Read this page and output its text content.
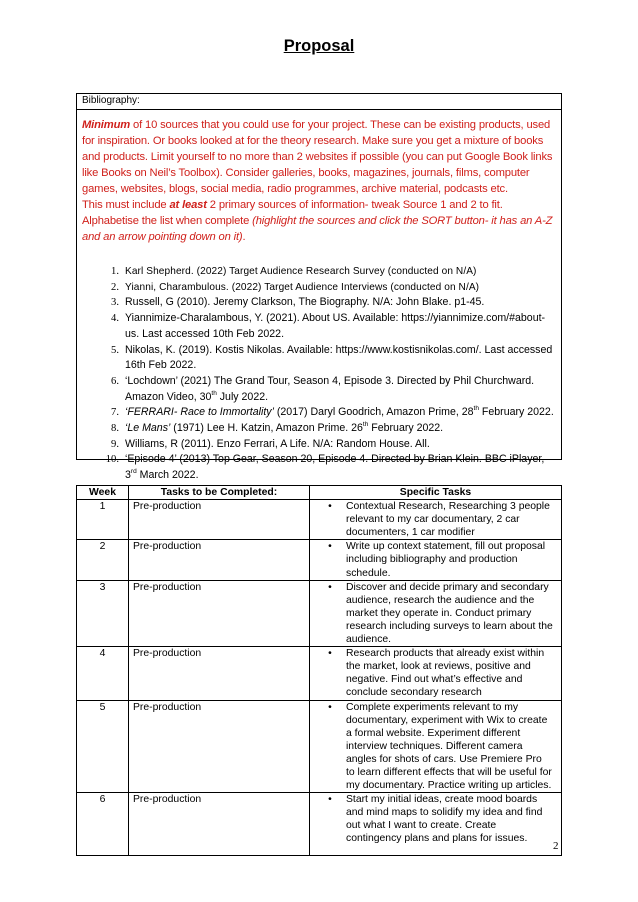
Proposal
Bibliography:
Minimum of 10 sources that you could use for your project. These can be existing products, used for inspiration. Or books looked at for the theory research. Make sure you get a mixture of books and products. Limit yourself to no more than 2 websites if possible (you can put Google Book links like Books on Neil’s Toolbox). Consider galleries, books, magazines, journals, films, computer games, websites, blogs, social media, radio programmes, archive material, podcasts etc.
This must include at least 2 primary sources of information- tweak Source 1 and 2 to fit.
Alphabetise the list when complete (highlight the sources and click the SORT button- it has an A-Z and an arrow pointing down on it).
1. Karl Shepherd. (2022) Target Audience Research Survey (conducted on N/A)
2. Yianni, Charambulous. (2022) Target Audience Interviews (conducted on N/A)
3. Russell, G (2010). Jeremy Clarkson, The Biography. N/A: John Blake. p1-45.
4. Yiannimize-Charalambous, Y. (2021). About US. Available: https://yiannimize.com/#about-us. Last accessed 10th Feb 2022.
5. Nikolas, K. (2019). Kostis Nikolas. Available: https://www.kostisnikolas.com/. Last accessed 16th Feb 2022.
6. ‘Lochdown’ (2021) The Grand Tour, Season 4, Episode 3. Directed by Phil Churchward. Amazon Video, 30th July 2022.
7. ‘FERRARI- Race to Immortality’ (2017) Daryl Goodrich, Amazon Prime, 28th February 2022.
8. ‘Le Mans’ (1971) Lee H. Katzin, Amazon Prime. 26th February 2022.
9. Williams, R (2011). Enzo Ferrari, A Life. N/A: Random House. All.
10. ‘Episode 4’ (2013) Top Gear, Season 20, Episode 4. Directed by Brian Klein. BBC iPlayer, 3rd March 2022.
Week	Tasks to be Completed:	Specific Tasks
1	Pre-production	• Contextual Research, Researching 3 people relevant to my car documentary, 2 car documenters, 1 car modifier

2	Pre-production	• Write up context statement, fill out proposal including bibliography and production schedule.

3	Pre-production	• Discover and decide primary and secondary audience, research the audience and the market they operate in. Conduct primary research including surveys to learn about the audience.

4	Pre-production	• Research products that already exist within the market, look at reviews, positive and negative. Find out what’s effective and conclude secondary research

5	Pre-production	• Complete experiments relevant to my documentary, experiment with Wix to create a formal website. Experiment different interview techniques. Different camera angles for shots of cars. Use Premiere Pro to learn different effects that will be useful for my documentary. Practice writing up articles.

6	Pre-production	• Start my initial ideas, create mood boards and mind maps to solidify my idea and find out what I want to create. Create contingency plans and plans for issues.
2
